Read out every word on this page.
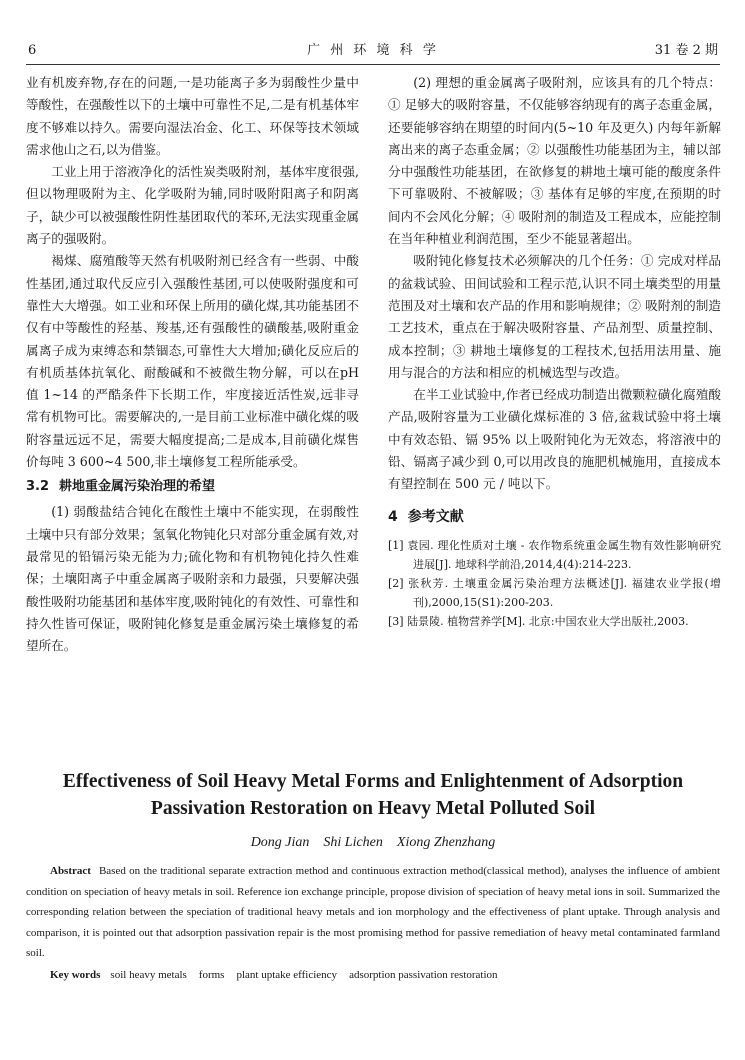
6	广 州 环 境 科 学	31 卷 2 期

业有机废弃物,存在的问题,一是功能离子多为弱酸性少量中等酸性，在强酸性以下的土壤中可靠性不足,二是有机基体牢度不够难以持久。需要向湿法冶金、化工、环保等技术领域需求他山之石,以为借鉴。

工业上用于溶液净化的活性炭类吸附剂，基体牢度很强,但以物理吸附为主、化学吸附为辅,同时吸附阳离子和阴离子，缺少可以被强酸性阴性基团取代的苯环,无法实现重金属离子的强吸附。

褐煤、腐殖酸等天然有机吸附剂已经含有一些弱、中酸性基团,通过取代反应引入强酸性基团,可以使吸附强度和可靠性大大增强。如工业和环保上所用的磺化煤,其功能基团不仅有中等酸性的羟基、羧基,还有强酸性的磺酸基,吸附重金属离子成为束缚态和禁锢态,可靠性大大增加;磺化反应后的有机质基体抗氧化、耐酸碱和不被微生物分解，可以在pH 值 1~14 的严酷条件下长期工作，牢度接近活性炭,远非寻常有机物可比。需要解决的,一是目前工业标准中磺化煤的吸附容量远远不足，需要大幅度提高;二是成本,目前磺化煤售价每吨 3 600~4 500,非土壤修复工程所能承受。

3.2 耕地重金属污染治理的希望

(1) 弱酸盐结合钝化在酸性土壤中不能实现，在弱酸性土壤中只有部分效果；氢氧化物钝化只对部分重金属有效,对最常见的铅镉污染无能为力;硫化物和有机物钝化持久性难保；土壤阳离子中重金属离子吸附亲和力最强，只要解决强酸性吸附功能基团和基体牢度,吸附钝化的有效性、可靠性和持久性皆可保证，吸附钝化修复是重金属污染土壤修复的希望所在。

(2) 理想的重金属离子吸附剂，应该具有的几个特点：① 足够大的吸附容量，不仅能够容纳现有的离子态重金属，还要能够容纳在期望的时间内(5~10 年及更久) 内每年新解离出来的离子态重金属；② 以强酸性功能基团为主，辅以部分中强酸性功能基团，在欲修复的耕地土壤可能的酸度条件下可靠吸附、不被解吸；③ 基体有足够的牢度,在预期的时间内不会风化分解；④ 吸附剂的制造及工程成本，应能控制在当年种植业利润范围，至少不能显著超出。

吸附钝化修复技术必须解决的几个任务：① 完成对样品的盆栽试验、田间试验和工程示范,认识不同土壤类型的用量范围及对土壤和农产品的作用和影响规律；② 吸附剂的制造工艺技术，重点在于解决吸附容量、产品剂型、质量控制、成本控制；③ 耕地土壤修复的工程技术,包括用法用量、施用与混合的方法和相应的机械选型与改造。

在半工业试验中,作者已经成功制造出微颗粒磺化腐殖酸产品,吸附容量为工业磺化煤标准的 3 倍,盆栽试验中将土壤中有效态铅、镉 95% 以上吸附钝化为无效态，将溶液中的铅、镉离子减少到 0,可以用改良的施肥机械施用，直接成本有望控制在 500 元 / 吨以下。

4 参考文献
[1] 袁园. 理化性质对土壤 - 农作物系统重金属生物有效性影响研究进展[J]. 地球科学前沿,2014,4(4):214-223.
[2] 张秋芳. 土壤重金属污染治理方法概述[J]. 福建农业学报(增刊),2000,15(S1):200-203.
[3] 陆景陵. 植物营养学[M]. 北京:中国农业大学出版社,2003.
Effectiveness of Soil Heavy Metal Forms and Enlightenment of Adsorption
Passivation Restoration on Heavy Metal Polluted Soil
Dong Jian Shi Lichen Xiong Zhenzhang

Abstract Based on the traditional separate extraction method and continuous extraction method(classical method), analyses the influence of ambient condition on speciation of heavy metals in soil. Reference ion exchange principle, propose division of speciation of heavy metal ions in soil. Summarized the corresponding relation between the speciation of traditional heavy metals and ion morphology and the effectiveness of plant uptake. Through analysis and comparison, it is pointed out that adsorption passivation repair is the most promising method for passive remediation of heavy metal contaminated farmland soil.

Key words soil heavy metals forms plant uptake efficiency adsorption passivation restoration
